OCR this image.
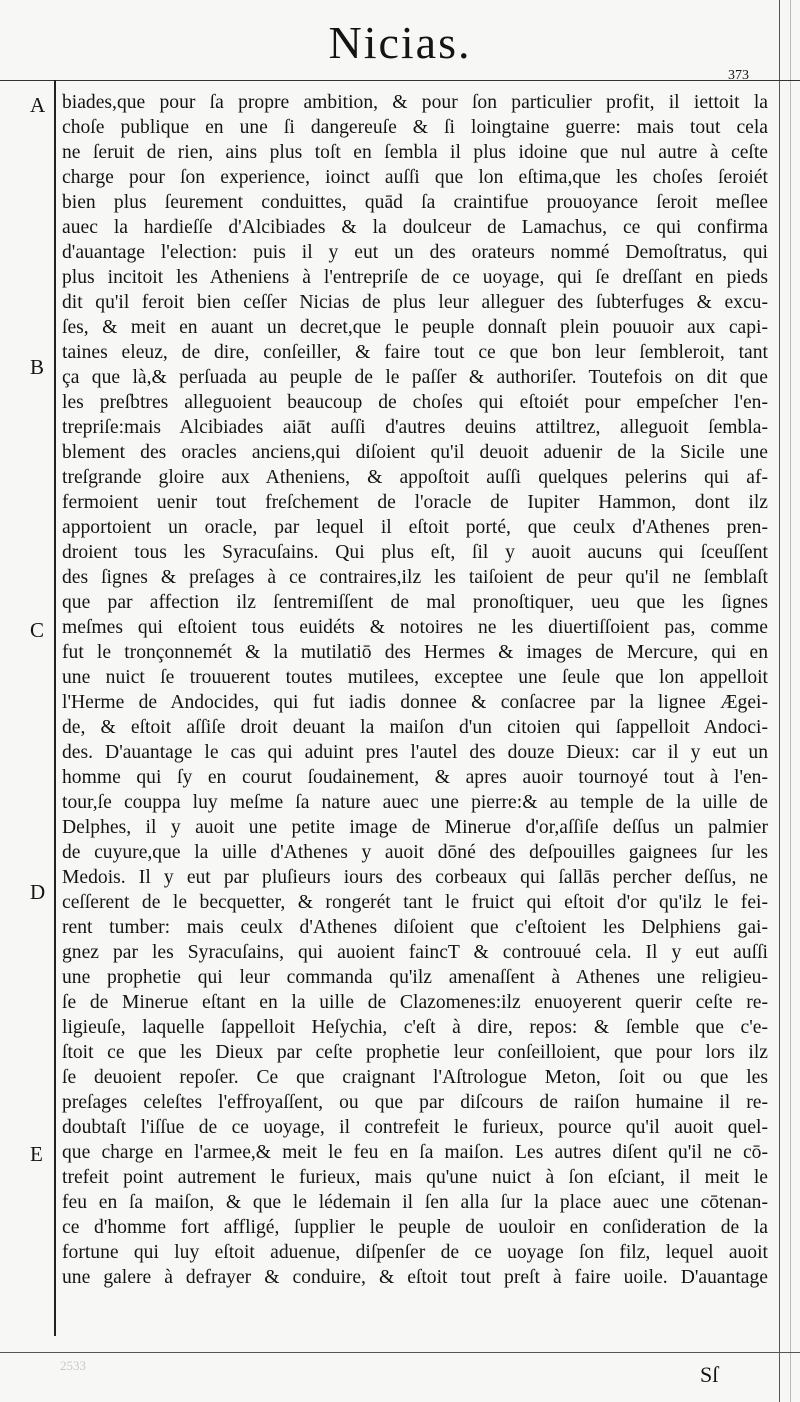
Nicias.
373
A
B
C
D
E
biades,que pour ſa propre ambition, & pour ſon particulier profit, il iettoit la
choſe publique en une ſi dangereuſe & ſi loingtaine guerre: mais tout cela
ne ſeruit de rien, ains plus toſt en ſembla il plus idoine que nul autre à ceſte
charge pour ſon experience, ioinct auſſi que lon eſtima,que les choſes ſeroiét
bien plus ſeurement conduittes, quād ſa craintifue prouoyance ſeroit meſlee
auec la hardieſſe d'Alcibiades & la doulceur de Lamachus, ce qui confirma
d'auantage l'election: puis il y eut un des orateurs nommé Demoſtratus, qui
plus incitoit les Atheniens à l'entrepriſe de ce uoyage, qui ſe dreſſant en pieds
dit qu'il feroit bien ceſſer Nicias de plus leur alleguer des ſubterfuges & excu-
ſes, & meit en auant un decret,que le peuple donnaſt plein pouuoir aux capi-
taines eleuz, de dire, conſeiller, & faire tout ce que bon leur ſembleroit, tant
ça que là,& perſuada au peuple de le paſſer & authoriſer. Toutefois on dit que
les preſbtres alleguoient beaucoup de choſes qui eſtoiét pour empeſcher l'en-
trepriſe:mais Alcibiades aiāt auſſi d'autres deuins attiltrez, alleguoit ſembla-
blement des oracles anciens,qui diſoient qu'il deuoit aduenir de la Sicile une
treſgrande gloire aux Atheniens, & appoſtoit auſſi quelques pelerins qui af-
fermoient uenir tout freſchement de l'oracle de Iupiter Hammon, dont ilz
apportoient un oracle, par lequel il eſtoit porté, que ceulx d'Athenes pren-
droient tous les Syracuſains. Qui plus eſt, ſil y auoit aucuns qui ſceuſſent
des ſignes & preſages à ce contraires,ilz les taiſoient de peur qu'il ne ſemblaſt
que par affection ilz ſentremiſſent de mal pronoſtiquer, ueu que les ſignes
meſmes qui eſtoient tous euidéts & notoires ne les diuertiſſoient pas, comme
fut le tronçonnemét & la mutilatiō des Hermes & images de Mercure, qui en
une nuict ſe trouuerent toutes mutilees, exceptee une ſeule que lon appelloit
l'Herme de Andocides, qui fut iadis donnee & conſacree par la lignee Ægei-
de, & eſtoit aſſiſe droit deuant la maiſon d'un citoien qui ſappelloit Andoci-
des. D'auantage le cas qui aduint pres l'autel des douze Dieux: car il y eut un
homme qui ſy en courut ſoudainement, & apres auoir tournoyé tout à l'en-
tour,ſe couppa luy meſme ſa nature auec une pierre:& au temple de la uille de
Delphes, il y auoit une petite image de Minerue d'or,aſſiſe deſſus un palmier
de cuyure,que la uille d'Athenes y auoit dōné des deſpouilles gaignees ſur les
Medois. Il y eut par pluſieurs iours des corbeaux qui ſallās percher deſſus, ne
ceſſerent de le becquetter, & rongerét tant le fruict qui eſtoit d'or qu'ilz le fei-
rent tumber: mais ceulx d'Athenes diſoient que c'eſtoient les Delphiens gai-
gnez par les Syracuſains, qui auoient faincT & controuué cela. Il y eut auſſi
une prophetie qui leur commanda qu'ilz amenaſſent à Athenes une religieu-
ſe de Minerue eſtant en la uille de Clazomenes:ilz enuoyerent querir ceſte re-
ligieuſe, laquelle ſappelloit Heſychia, c'eſt à dire, repos: & ſemble que c'e-
ſtoit ce que les Dieux par ceſte prophetie leur conſeilloient, que pour lors ilz
ſe deuoient repoſer. Ce que craignant l'Aſtrologue Meton, ſoit ou que les
preſages celeſtes l'effroyaſſent, ou que par diſcours de raiſon humaine il re-
doubtaſt l'iſſue de ce uoyage, il contrefeit le furieux, pource qu'il auoit quel-
que charge en l'armee,& meit le feu en ſa maiſon. Les autres diſent qu'il ne cō-
trefeit point autrement le furieux, mais qu'une nuict à ſon eſciant, il meit le
feu en ſa maiſon, & que le lédemain il ſen alla ſur la place auec une cōtenan-
ce d'homme fort affligé, ſupplier le peuple de uouloir en conſideration de la
fortune qui luy eſtoit aduenue, diſpenſer de ce uoyage ſon filz, lequel auoit
une galere à defrayer & conduire, & eſtoit tout preſt à faire uoile. D'auantage
2533	Sſ
